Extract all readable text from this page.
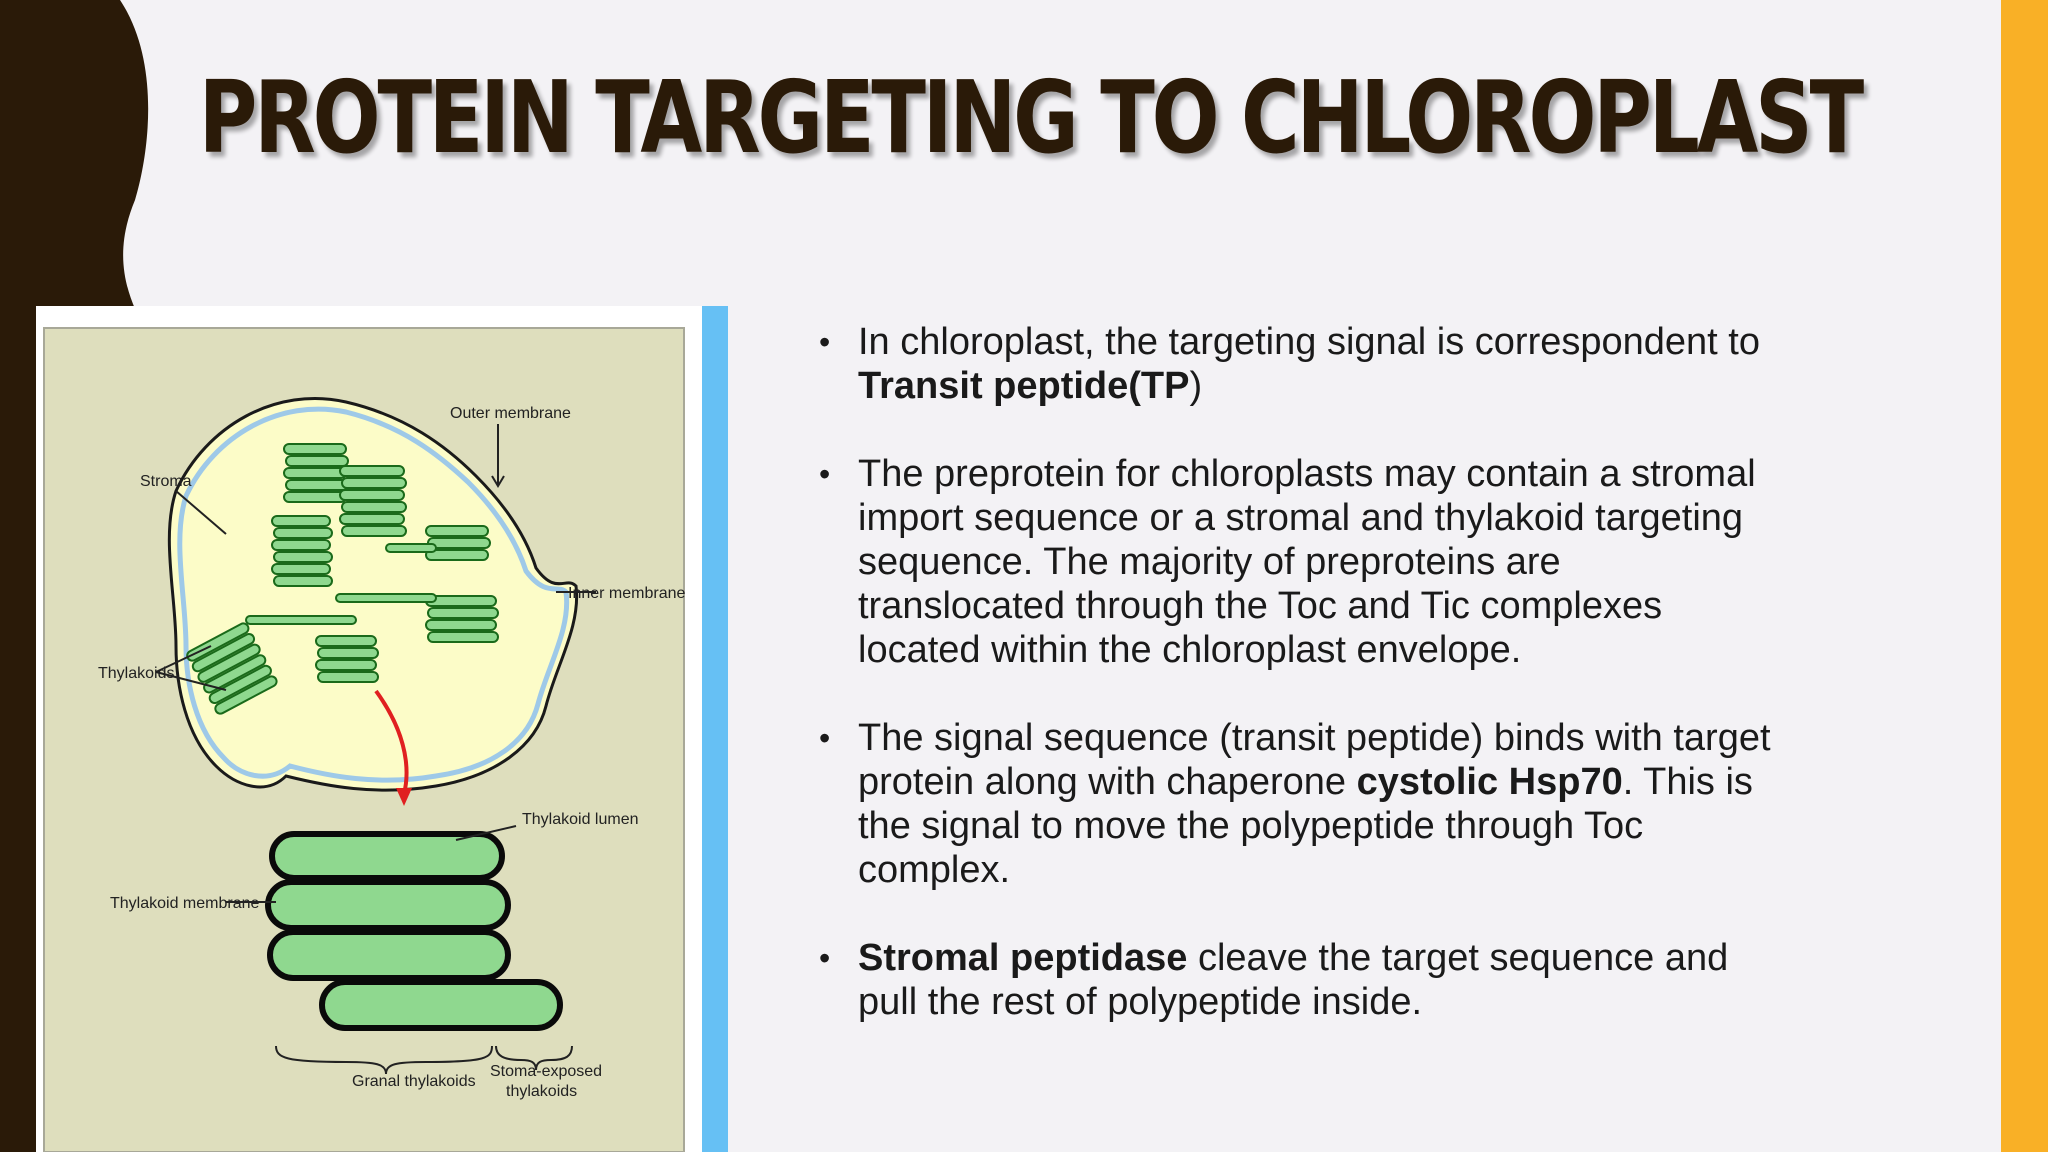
PROTEIN TARGETING TO CHLOROPLAST
Outer membrane
Stroma
Inner membrane
Thylakoids
Thylakoid lumen
Thylakoid membrane
Granal thylakoids
Stoma-exposed
thylakoids
• In chloroplast, the targeting signal is correspondent to Transit peptide(TP)
• The preprotein for chloroplasts may contain a stromal import sequence or a stromal and thylakoid targeting sequence. The majority of preproteins are translocated through the Toc and Tic complexes located within the chloroplast envelope.
• The signal sequence (transit peptide) binds with target protein along with chaperone cystolic Hsp70. This is the signal to move the polypeptide through Toc complex.
• Stromal peptidase cleave the target sequence and pull the rest of polypeptide inside.
